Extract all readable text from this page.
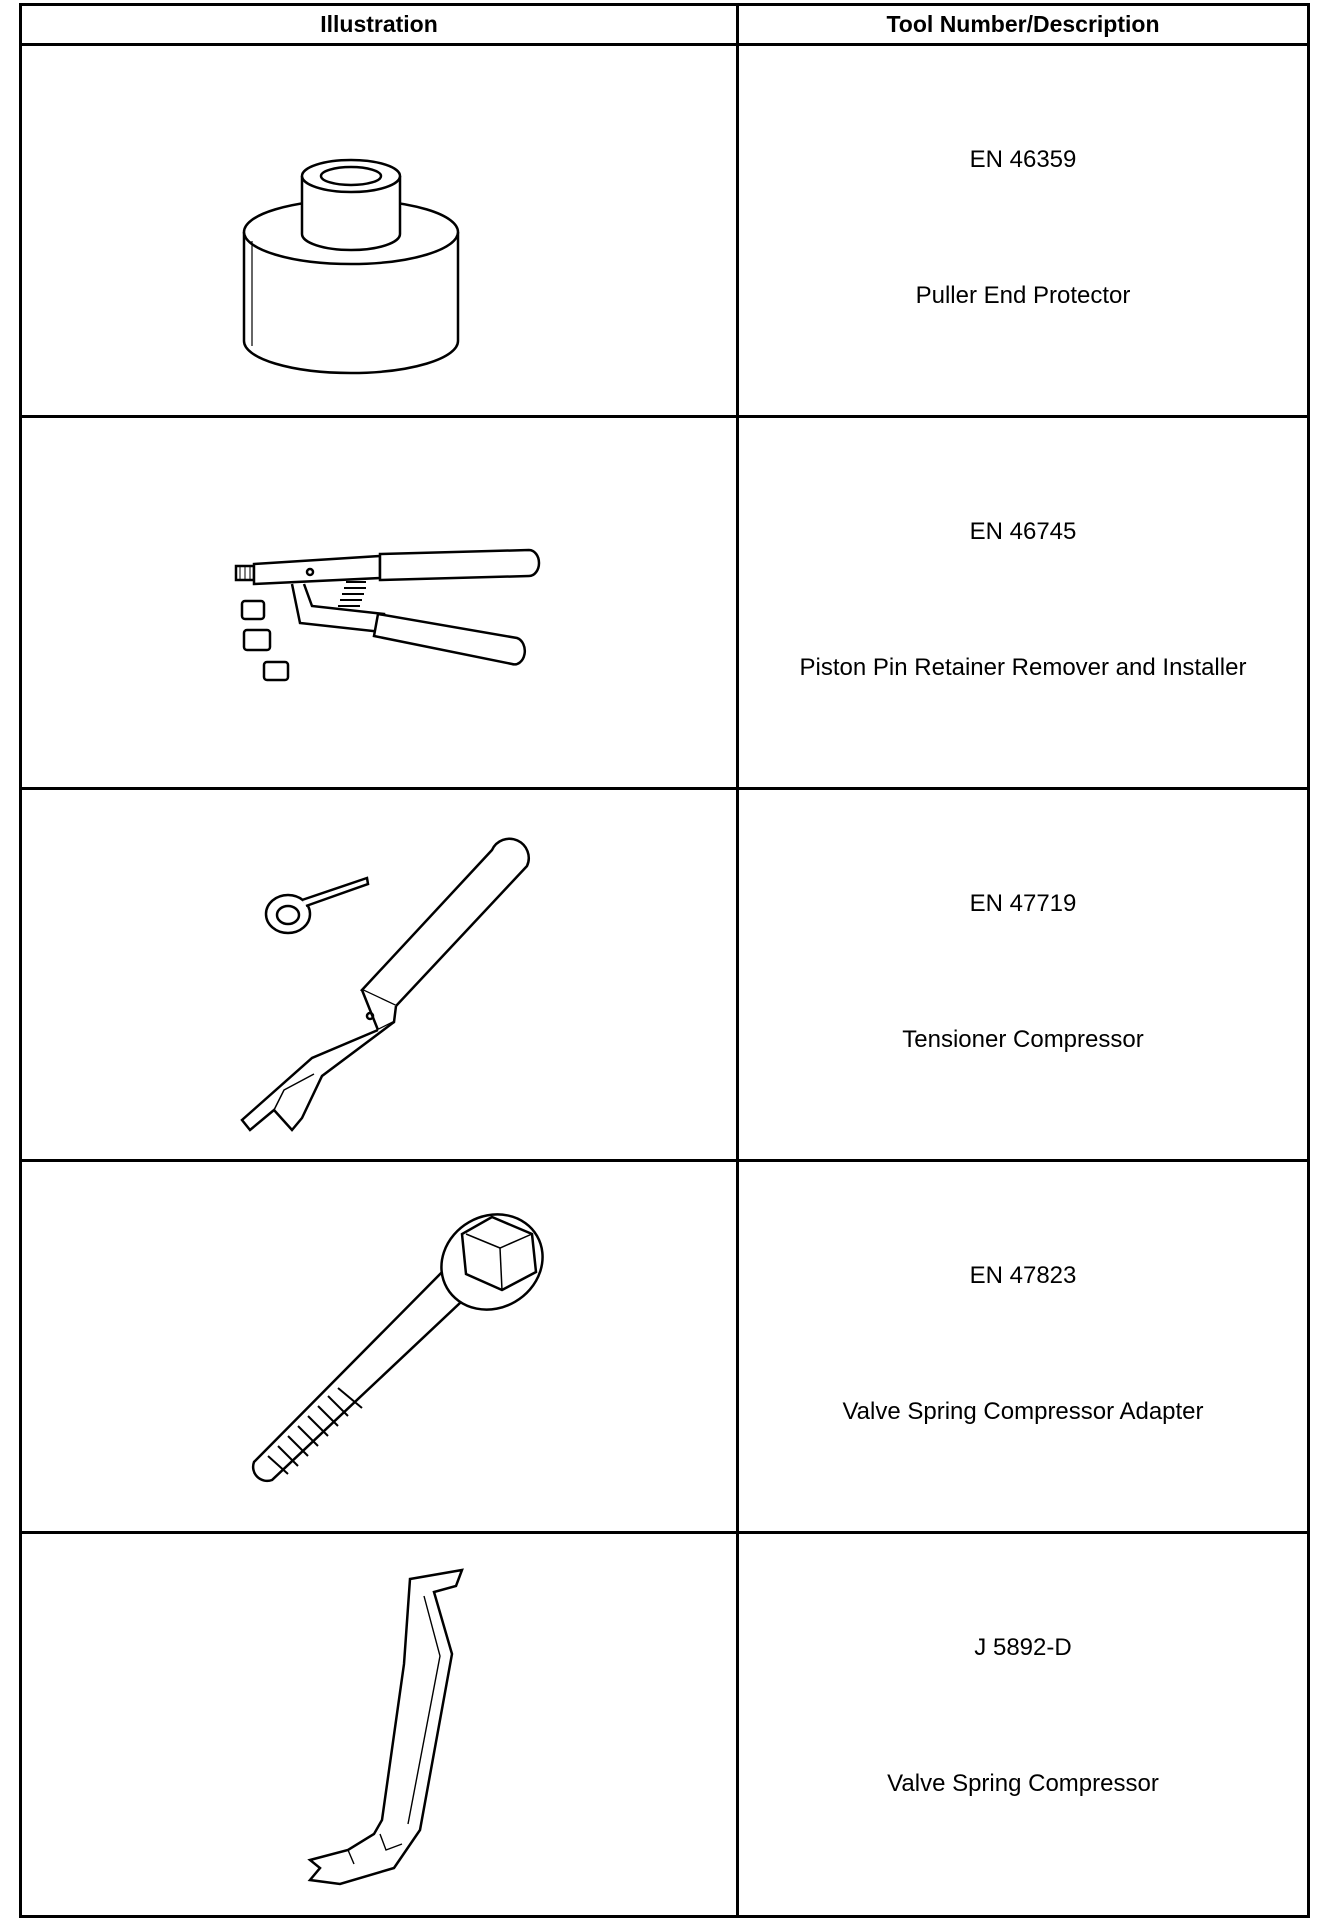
Illustration	Tool Number/Description
EN 46359
Puller End Protector
EN 46745
Piston Pin Retainer Remover and Installer
EN 47719
Tensioner Compressor
EN 47823
Valve Spring Compressor Adapter
J 5892-D
Valve Spring Compressor
